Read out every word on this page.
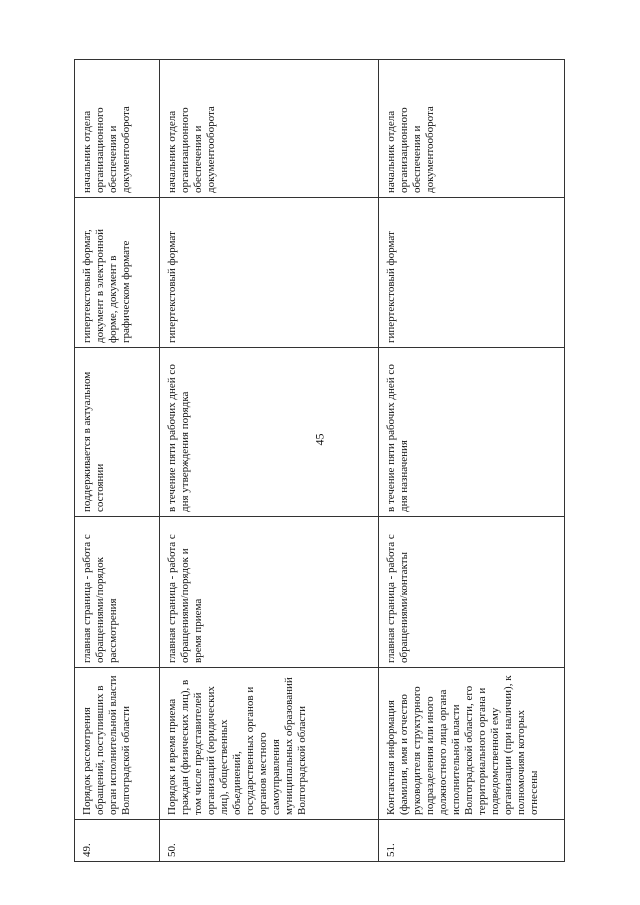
45
49.	Порядок рассмотрения обращений, поступивших в орган исполнительной власти Волгоградской области	главная страница - работа с обращениями/порядок рассмотрения	поддерживается в актуальном состоянии	гипертекстовый формат, документ в электронной форме, документ в графическом формате	начальник отдела организационного обеспечения и документооборота
50.	Порядок и время приема граждан (физических лиц), в том числе представителей организаций (юридических лиц), общественных объединений, государственных органов и органов местного самоуправления муниципальных образований Волгоградской области	главная страница - работа с обращениями/порядок и время приема	в течение пяти рабочих дней со дня утверждения порядка	гипертекстовый формат	начальник отдела организационного обеспечения и документооборота
51.	Контактная информация (фамилия, имя и отчество руководителя структурного подразделения или иного должностного лица органа исполнительной власти Волгоградской области, его территориального органа и подведомственной ему организации (при наличии), к полномочиям которых отнесены	главная страница - работа с обращениями/контакты	в течение пяти рабочих дней со дня назначения	гипертекстовый формат	начальник отдела организационного обеспечения и документооборота
